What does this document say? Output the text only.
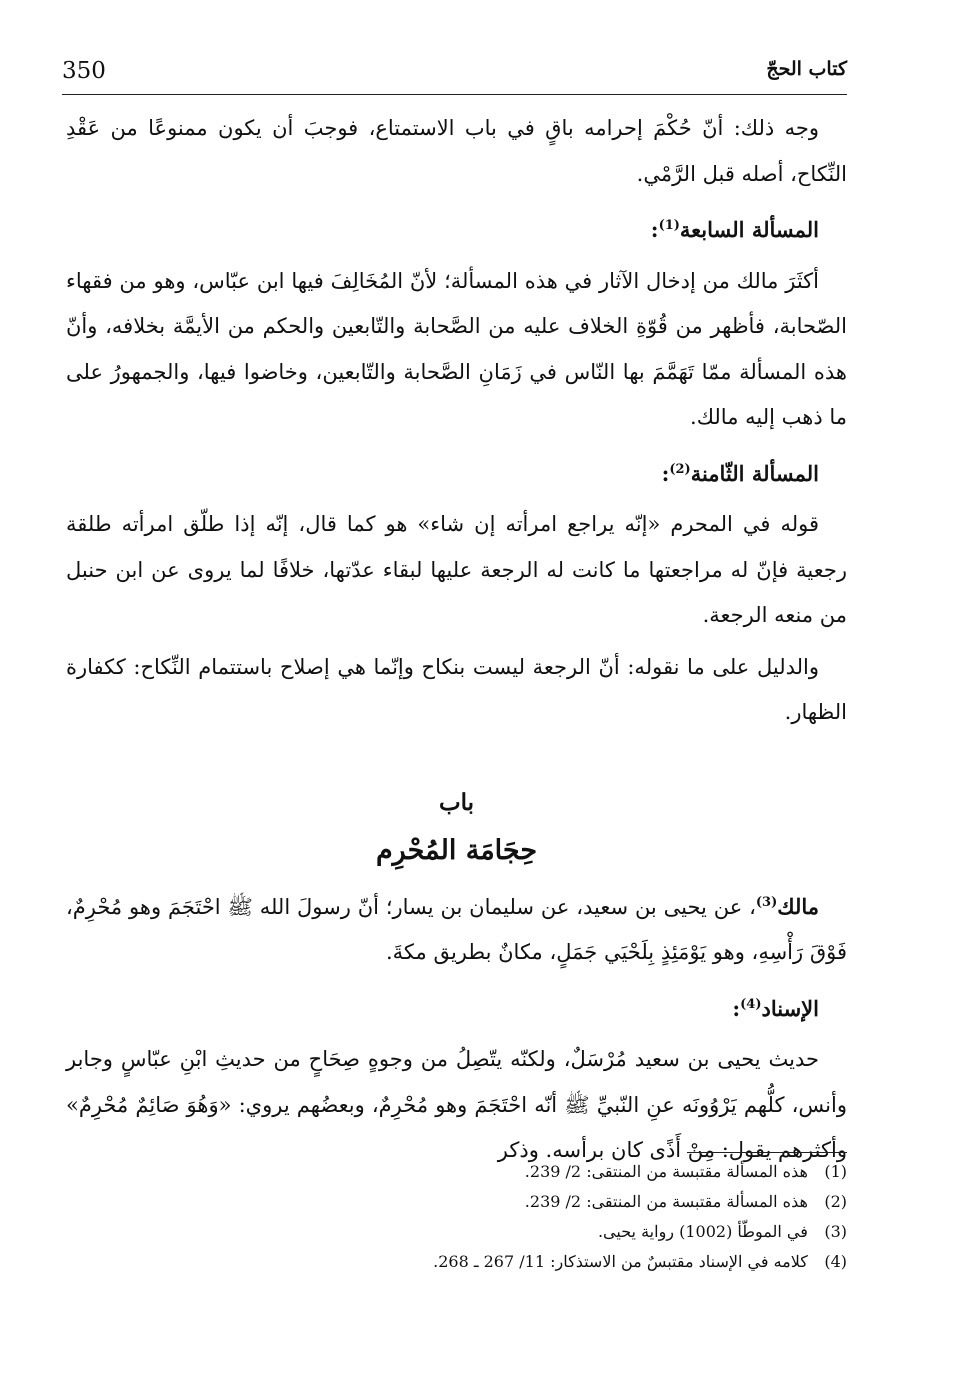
350	كتاب الحجّ

وجه ذلك: أنّ حُكْمَ إحرامه باقٍ في باب الاستمتاع، فوجبَ أن يكون ممنوعًا من عَقْدِ النِّكاح، أصله قبل الرَّمْي.

المسألة السابعة$^{(1)}$:

أكثَرَ مالك من إدخال الآثار في هذه المسألة؛ لأنّ المُخَالِفَ فيها ابن عبّاس، وهو من فقهاء الصّحابة، فأظهر من قُوّةِ الخلاف عليه من الصَّحابة والتّابعين والحكم من الأيمَّة بخلافه، وأنّ هذه المسألة ممّا تَهَمَّمَ بها النّاس في زَمَانِ الصَّحابة والتّابعين، وخاضوا فيها، والجمهورُ على ما ذهب إليه مالك.

المسألة الثّامنة$^{(2)}$:

قوله في المحرم «إنّه يراجع امرأته إن شاء» هو كما قال، إنّه إذا طلّق امرأته طلقة رجعية فإنّ له مراجعتها ما كانت له الرجعة عليها لبقاء عدّتها، خلافًا لما يروى عن ابن حنبل من منعه الرجعة.

والدليل على ما نقوله: أنّ الرجعة ليست بنكاح وإنّما هي إصلاح باستتمام النِّكاح: ككفارة الظهار.

باب
حِجَامَة المُحْرِم

مالك$^{(3)}$، عن يحيى بن سعيد، عن سليمان بن يسار؛ أنّ رسولَ الله ﷺ احْتَجَمَ وهو مُحْرِمٌ، فَوْقَ رَأْسِهِ، وهو يَوْمَئِذٍ بِلَحْيَي جَمَلٍ، مكانٌ بطريق مكةَ.

الإسناد$^{(4)}$:

حديث يحيى بن سعيد مُرْسَلٌ، ولكنّه يتّصِلُ من وجوهٍ صِحَاحٍ من حديثِ ابْنِ عبّاسٍ وجابر وأنس، كلُّهم يَرْوُونَه عنِ النّبيِّ ﷺ أنّه احْتَجَمَ وهو مُحْرِمٌ، وبعضُهم يروي: «وَهُوَ صَائِمٌ مُحْرِمٌ» وأكثرهم يقول: مِنْ أَذًى كان برأسه. وذكر

(1) هذه المسألة مقتبسة من المنتقى: 2/ 239.
(2) هذه المسألة مقتبسة من المنتقى: 2/ 239.
(3) في الموطّأ (1002) رواية يحيى.
(4) كلامه في الإسناد مقتبسٌ من الاستذكار: 11/ 267 ـ 268.
